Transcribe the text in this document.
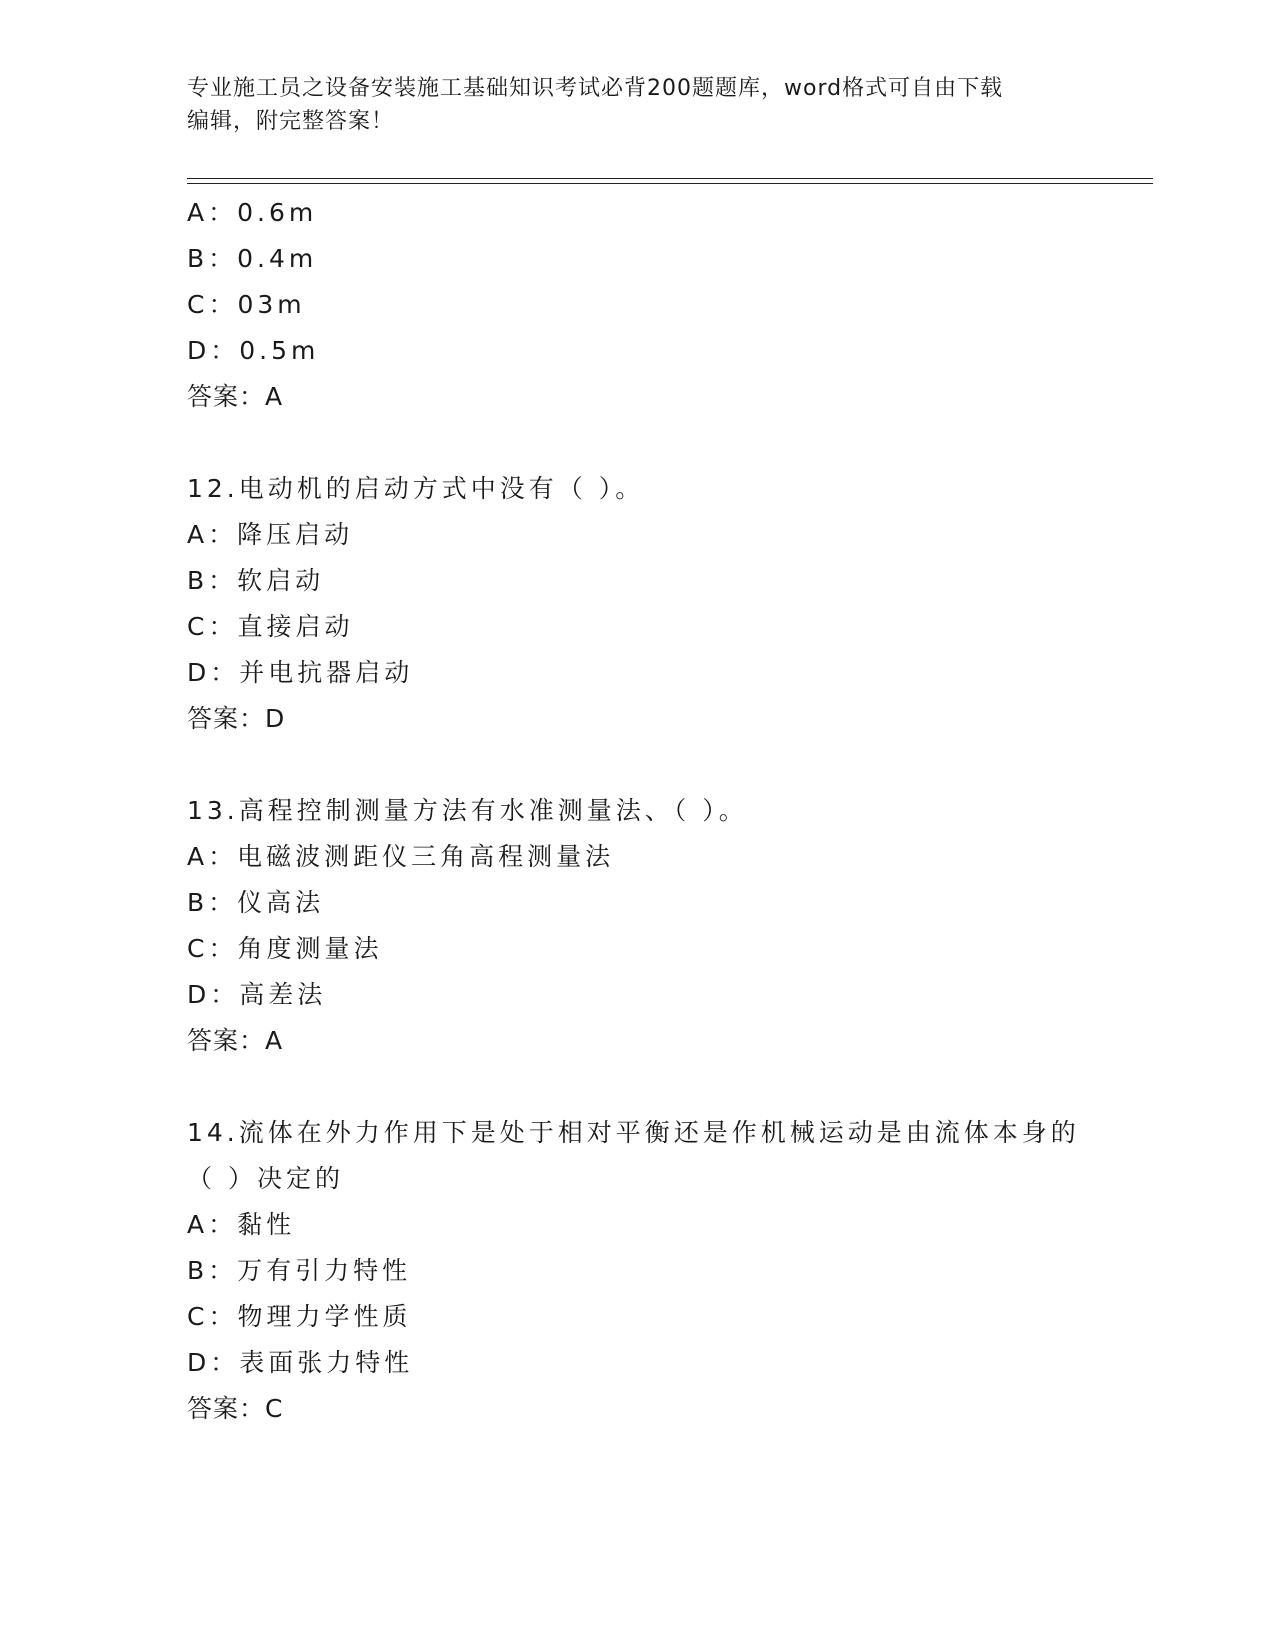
专业施工员之设备安装施工基础知识考试必背200题题库，word格式可自由下载
编辑，附完整答案！
A：0.6m
B：0.4m
C：03m
D：0.5m
答案：A
12.电动机的启动方式中没有（ ）。
A：降压启动
B：软启动
C：直接启动
D：并电抗器启动
答案：D
13.高程控制测量方法有水准测量法、（ ）。
A：电磁波测距仪三角高程测量法
B：仪高法
C：角度测量法
D：高差法
答案：A
14.流体在外力作用下是处于相对平衡还是作机械运动是由流体本身的
（ ）决定的
A：黏性
B：万有引力特性
C：物理力学性质
D：表面张力特性
答案：C
